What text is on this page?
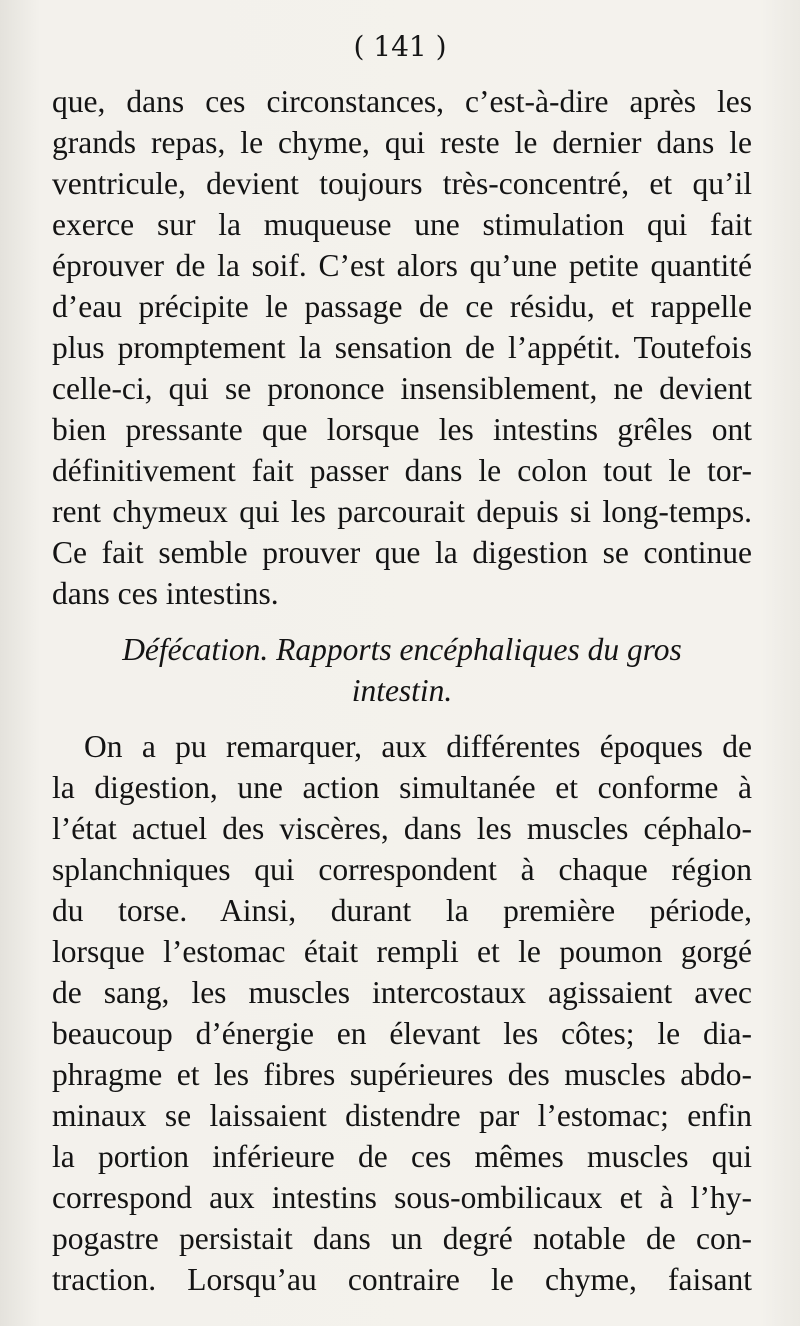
( 141 )
que, dans ces circonstances, c’est-à-dire après les
grands repas, le chyme, qui reste le dernier dans le
ventricule, devient toujours très-concentré, et qu’il
exerce sur la muqueuse une stimulation qui fait
éprouver de la soif. C’est alors qu’une petite quantité
d’eau précipite le passage de ce résidu, et rappelle
plus promptement la sensation de l’appétit. Toutefois
celle-ci, qui se prononce insensiblement, ne devient
bien pressante que lorsque les intestins grêles ont
définitivement fait passer dans le colon tout le tor-
rent chymeux qui les parcourait depuis si long-temps.
Ce fait semble prouver que la digestion se continue
dans ces intestins.
Défécation. Rapports encéphaliques du gros
intestin.
On a pu remarquer, aux différentes époques de
la digestion, une action simultanée et conforme à
l’état actuel des viscères, dans les muscles céphalo-
splanchniques qui correspondent à chaque région
du torse. Ainsi, durant la première période,
lorsque l’estomac était rempli et le poumon gorgé
de sang, les muscles intercostaux agissaient avec
beaucoup d’énergie en élevant les côtes; le dia-
phragme et les fibres supérieures des muscles abdo-
minaux se laissaient distendre par l’estomac; enfin
la portion inférieure de ces mêmes muscles qui
correspond aux intestins sous-ombilicaux et à l’hy-
pogastre persistait dans un degré notable de con-
traction. Lorsqu’au contraire le chyme, faisant
